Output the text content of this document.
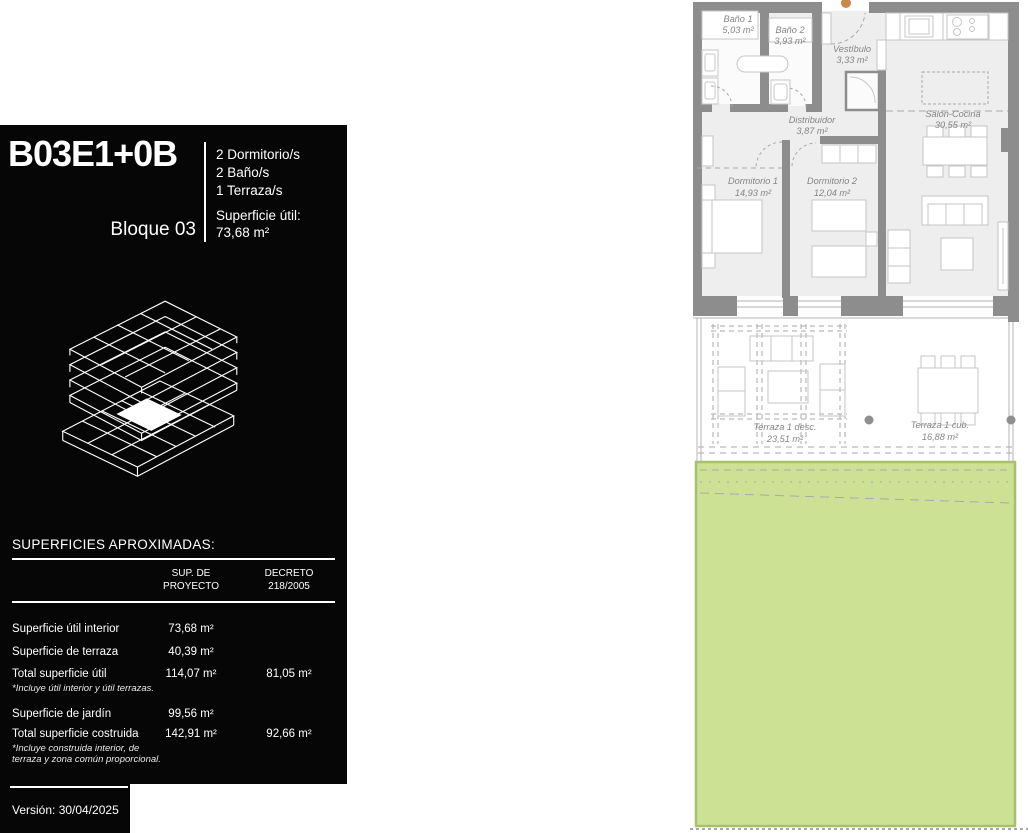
B03E1+0B
Bloque 03
2 Dormitorio/s
2 Baño/s
1 Terraza/s
Superficie útil:
73,68 m²
SUPERFICIES APROXIMADAS:
SUP. DE
PROYECTO
DECRETO
218/2005
Superficie útil interior	73,68 m²
Superficie de terraza	40,39 m²
Total superficie útil	114,07 m²	81,05 m²
*Incluye útil interior y útil terrazas.
Superficie de jardín	99,56 m²
Total superficie costruida	142,91 m²	92,66 m²
*Incluye construida interior, de terraza y zona común proporcional.
Versión: 30/04/2025
Baño 1
5,03 m² Baño 2
3,93 m²
Vestíbulo
3,33 m²
Distribuidor
3,87 m²
Salón-Cocina
30,55 m²
Dormitorio 1
14,93 m²
Dormitorio 2
12,04 m²
Terraza 1 desc.
23,51 m²
Terraza 1 cub.
16,88 m²
